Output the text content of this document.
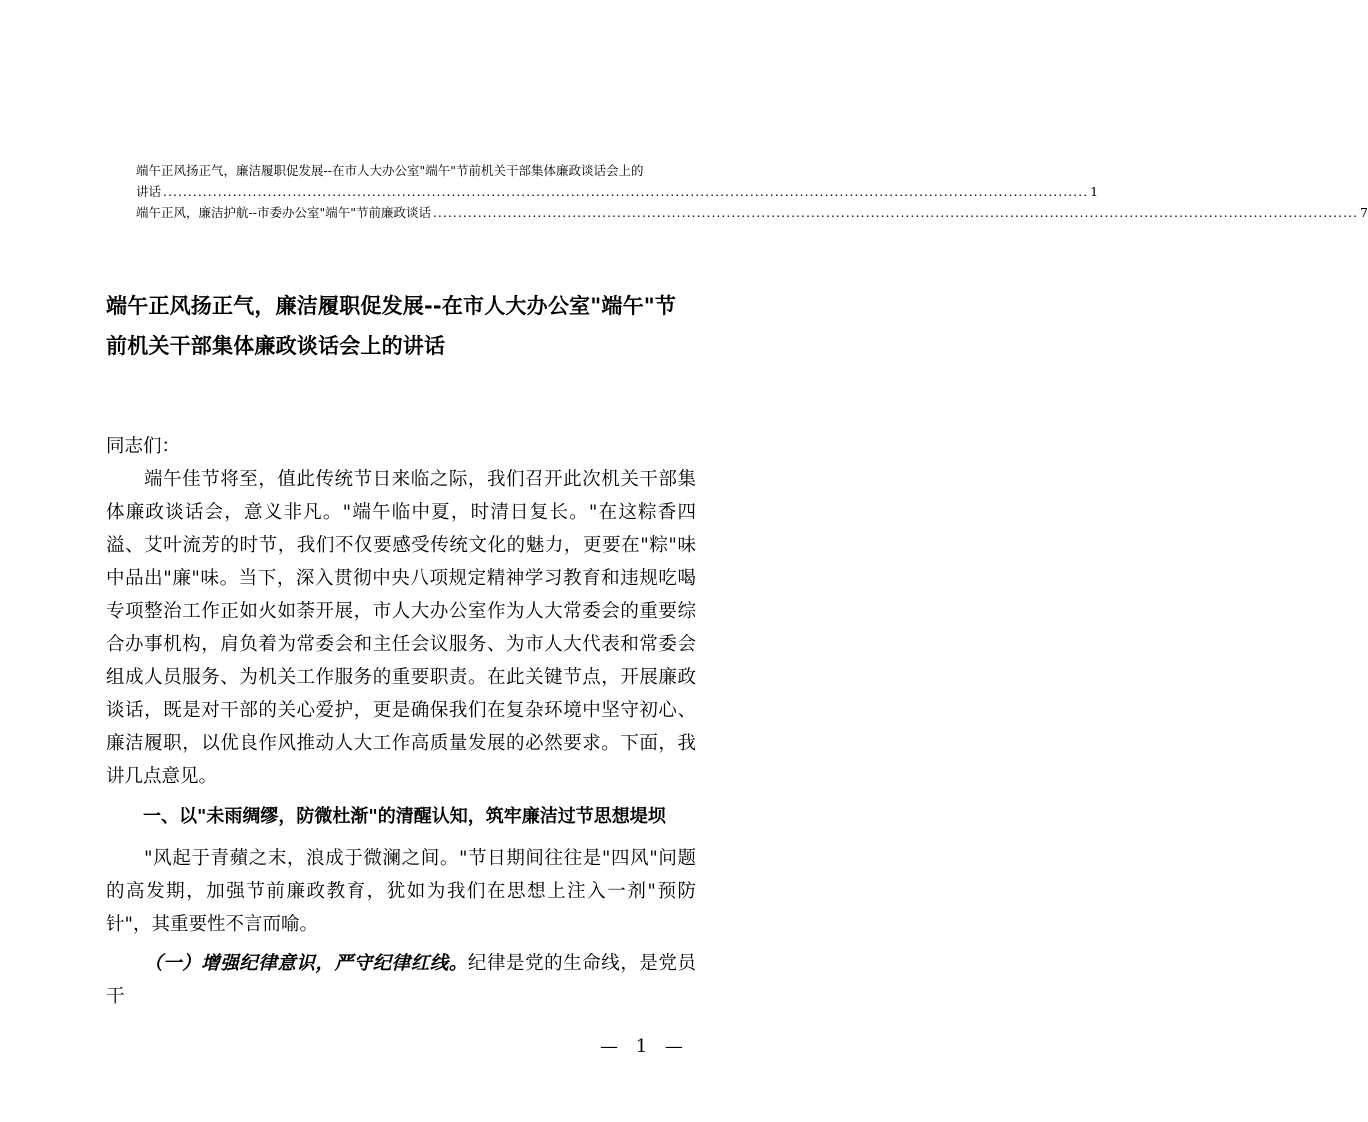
端午正风扬正气，廉洁履职促发展--在市人大办公室"端午"节前机关干部集体廉政谈话会上的
讲话 .......................................................................................................................................................................................... 1
端午正风，廉洁护航--市委办公室"端午"节前廉政谈话 .......................................................................................................................................................................................... 7
端午正风扬正气，廉洁履职促发展--在市人大办公室"端午"节前机关干部集体廉政谈话会上的讲话
同志们：
端午佳节将至，值此传统节日来临之际，我们召开此次机关干部集体廉政谈话会，意义非凡。"端午临中夏，时清日复长。"在这粽香四溢、艾叶流芳的时节，我们不仅要感受传统文化的魅力，更要在"粽"味中品出"廉"味。当下，深入贯彻中央八项规定精神学习教育和违规吃喝专项整治工作正如火如荼开展，市人大办公室作为人大常委会的重要综合办事机构，肩负着为常委会和主任会议服务、为市人大代表和常委会组成人员服务、为机关工作服务的重要职责。在此关键节点，开展廉政谈话，既是对干部的关心爱护，更是确保我们在复杂环境中坚守初心、廉洁履职，以优良作风推动人大工作高质量发展的必然要求。下面，我讲几点意见。
一、以"未雨绸缪，防微杜渐"的清醒认知，筑牢廉洁过节思想堤坝
"风起于青蘋之末，浪成于微澜之间。"节日期间往往是"四风"问题的高发期，加强节前廉政教育，犹如为我们在思想上注入一剂"预防针"，其重要性不言而喻。
（一）增强纪律意识，严守纪律红线。纪律是党的生命线，是党员干
— 1 —
